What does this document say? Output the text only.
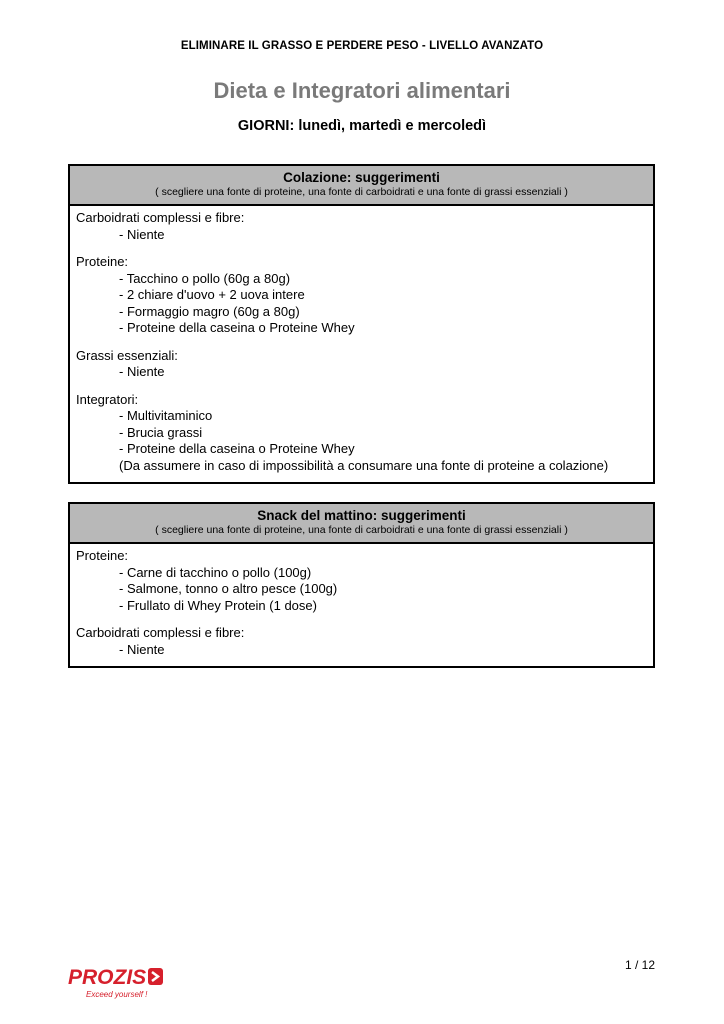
ELIMINARE IL GRASSO E PERDERE PESO - LIVELLO AVANZATO
Dieta e Integratori alimentari
GIORNI: lunedì, martedì e mercoledì
Colazione: suggerimenti
( scegliere una fonte di proteine, una fonte di carboidrati e una fonte di grassi essenziali )
Carboidrati complessi e fibre:
- Niente
Proteine:
- Tacchino o pollo (60g a 80g)
- 2 chiare d'uovo + 2 uova intere
- Formaggio magro (60g a 80g)
- Proteine della caseina o Proteine Whey
Grassi essenziali:
- Niente
Integratori:
- Multivitaminico
- Brucia grassi
- Proteine della caseina o Proteine Whey
(Da assumere in caso di impossibilità a consumare una fonte di proteine a colazione)
Snack del mattino: suggerimenti
( scegliere una fonte di proteine, una fonte di carboidrati e una fonte di grassi essenziali )
Proteine:
- Carne di tacchino o pollo (100g)
- Salmone, tonno o altro pesce (100g)
- Frullato di Whey Protein (1 dose)
Carboidrati complessi e fibre:
- Niente
PROZIS
Exceed yourself !
1 / 12
